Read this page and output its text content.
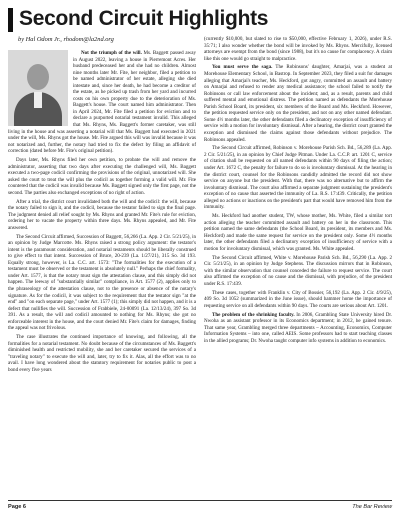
Second Circuit Highlights
by Hal Odom Jr., rhodom@la2nd.org

Not the triumph of the will. Ms. Baggett passed away in August 2022, leaving a house in Pierremont Acres. Her husband predeceased her and she had no children. Almost nine months later Mr. Fite, her neighbor, filed a petition to be named administrator of her estate, alleging she died intestate and, since her death, he had become a creditor of the estate, as he picked up trash from her yard and incurred costs on his own property due to the deterioration of Ms. Baggett's house. The court named him administrator. Then in April 2024, Mr. Fite filed a petition for eviction and to declare a purported notarial testament invalid. This alleged that Ms. Rhyns, Ms. Baggett's former caretaker, was still living in the house and was asserting a notarial will that Ms. Baggett had executed in 2021 under the will, Ms. Rhyns got the house. Mr. Fite argued this will was invalid because it was not notarized and, further, the notary had tried to fix the defect by filing an affidavit of correction (dated before Mr. Fite's original petition).

Days later, Ms. Rhyns filed her own petition, to probate the will and remove the administrator, asserting that two days after executing the challenged will, Ms. Baggett executed a two-page codicil confirming the provisions of the original, unnotarized will. She asked the court to treat the will plus the codicil as together forming a valid will. Mr. Fite countered that the codicil was invalid because Ms. Baggett signed only the first page, not the second. The parties also exchanged exceptions of no right of action.

After a trial, the district court invalidated both the will and the codicil: the will, because the notary failed to sign it, and the codicil, because the testator failed to sign the final page. The judgment denied all relief sought by Ms. Rhyns and granted Mr. Fite's rule for eviction, ordering her to vacate the property within three days. Ms. Rhyns appealed, and Mr. Fite answered.

The Second Circuit affirmed, Succession of Baggett, 56,266 (La. App. 2 Cir. 5/21/25), in an opinion by Judge Marcotte. Ms. Rhyns raised a strong policy argument: the testator's intent is the paramount consideration, and notarial testaments should be liberally construed to give effect to that intent. Succession of Bruce, 20-239 (La. 1/27/21), 315 So. 3d 193. Equally strong, however, is La. C.C. art. 1573: "The formalities for the execution of a testament must be observed or the testament is absolutely null." Perhaps the chief formality, under Art. 1577, is that the notary must sign the attestation clause, and this simply did not happen. The leeway of "substantially similar" compliance, in Art. 1577 (2), applies only to the phraseology of the attestation clause, not to the presence or absence of the notary's signature. As for the codicil, it was subject to the requirement that the testator sign "at the end" and "on each separate page," under Art. 1577 (1); this simply did not happen, and it is a defect that nullifies the will. Succession of Frabbiele, 24-00091 (La. 12/13/24), 397 So. 3d 391. As a result, the will and codicil amounted to nothing for Ms. Rhyns; she got no enforceable interest in the house, and the court denied Mr. Fite's claim for damages, finding the appeal was not frivolous.

The case illustrates the continued importance of knowing, and following, all the formalities for a notarial testament. No doubt because of the circumstances of Ms. Baggett's diminished health and restricted mobility, she and her caretaker secured the services of a "traveling notary" to execute the will and, later, try to fix it. Alas, all the effort was to no avail. I have long wondered about the statutory requirement for notaries public to post a bond every five years

(currently $10,000, but slated to rise to $50,000, effective February 1, 2026), under R.S. 35:71; I also wonder whether the bond will be invoked by Ms. Rhyns. Mercifully, licensed attorneys are exempt from the bond (since 1988), but it's no cause for complacency. A claim like this one would go straight to malpractice.

You must serve the saga. The Robinsons' daughter, Amarjai, was a student at Morehouse Elementary School, in Bastrop. In September 2023, they filed a suit for damages alleging that Amarjai's teacher, Ms. Heckford, got angry, committed an assault and battery on Amarjai and refused to render any medical assistance; the school failed to notify the Robinsons or call law enforcement about the incident; and, as a result, parents and child suffered mental and emotional distress. The petition named as defendants the Morehouse Parish School Board, its president, six members of the Board and Ms. Heckford. However, the petition requested service only on the president, and not on any other named defendant. Some 4½ months later, the other defendants filed a declinatory exception of insufficiency of service with a motion for involuntary dismissal. After a hearing, the district court granted the exception and dismissed the claims against those defendants without prejudice. The Robinsons appealed.

The Second Circuit affirmed, Robinson v. Morehouse Parish Sch. Bd., 56,289 (La. App. 2 Cir. 5/21/25), in an opinion by Chief Judge Pitman. Under La. C.C.P. art. 1201 C, service of citation shall be requested on all named defendants within 90 days of filing the action; under Art. 1672 C, the penalty for failure to do so is involuntary dismissal. At the hearing in the district court, counsel for the Robinsons candidly admitted the record did not show service on anyone but the president. With that, there was no alternative but to affirm the involuntary dismissal. The court also affirmed a separate judgment sustaining the president's exception of no cause that asserted the immunity of La. R.S. 17:439. Critically, the petition alleged no actions or inactions on the president's part that would have removed him from the immunity.

Ms. Heckford had another student, TW, whose mother, Ms. White, filed a similar tort action alleging the teacher committed assault and battery on her in the classroom. This petition named the same defendants (the School Board, its president, its members and Ms. Heckford) and made the same request for service on the president only. Some 4½ months later, the other defendants filed a declinatory exception of insufficiency of service with a motion for involuntary dismissal, which was granted. Ms. White appealed.

The Second Circuit affirmed, White v. Morehouse Parish Sch. Bd., 56,290 (La. App. 2 Cir. 5/21/25), in an opinion by Judge Stephens. The discussion mirrors that in Robinson, with the similar observation that counsel conceded the failure to request service. The court also affirmed the exception of no cause and the dismissal, with prejudice, of the president under R.S. 17:439.

These cases, together with Franklin v. City of Bossier, 56,192 (La. App. 2 Cir. 4/9/25), 409 So. 3d 1052 (summarized in the June issue), should hammer home the importance of requesting service on all defendants within 90 days. The courts are serious about Art. 1201.

The problem of the shrinking faculty. In 2006, Grambling State University hired Dr. Nwoha as an assistant professor in its Economics department; in 2012, he gained tenure. That same year, Grambling merged three departments – Accounting, Economics, Computer Information Systems – into one, called AEIS. Some professors had to start teaching classes in the allied programs; Dr. Nwoha taught computer info systems in addition to economics.

Page 6	The Bar Review
